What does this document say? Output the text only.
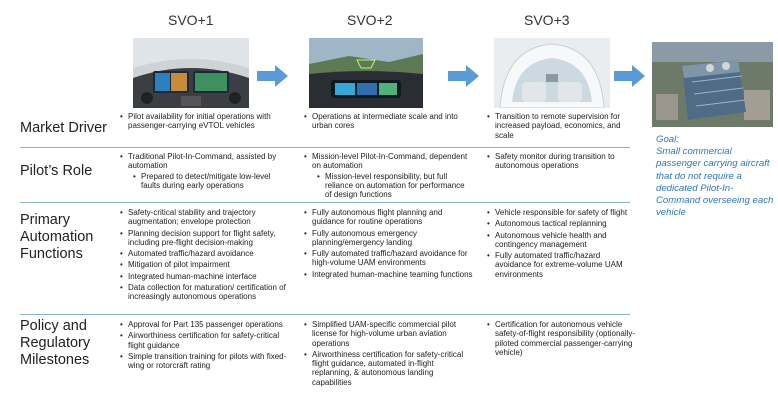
SVO+1	SVO+2	SVO+3
Market Driver
Pilot’s Role
Primary Automation Functions
Policy and Regulatory Milestones
• Pilot availability for initial operations with passenger-carrying eVTOL vehicles
• Operations at intermediate scale and into urban cores
• Transition to remote supervision for increased payload, economics, and scale
• Traditional Pilot-In-Command, assisted by automation
• Prepared to detect/mitigate low-level faults during early operations
• Mission-level Pilot-In-Command, dependent on automation
• Mission-level responsibility, but full reliance on automation for performance of design functions
• Safety monitor during transition to autonomous operations
• Safety-critical stability and trajectory augmentation; envelope protection
• Planning decision support for flight safety, including pre-flight decision-making
• Automated traffic/hazard avoidance
• Mitigation of pilot impairment
• Integrated human-machine interface
• Data collection for maturation/ certification of increasingly autonomous operations
• Fully autonomous flight planning and guidance for routine operations
• Fully autonomous emergency planning/emergency landing
• Fully automated traffic/hazard avoidance for high-volume UAM environments
• Integrated human-machine teaming functions
• Vehicle responsible for safety of flight
• Autonomous tactical replanning
• Autonomous vehicle health and contingency management
• Fully automated traffic/hazard avoidance for extreme-volume UAM environments
• Approval for Part 135 passenger operations
• Airworthiness certification for safety-critical flight guidance
• Simple transition training for pilots with fixed-wing or rotorcraft rating
• Simplified UAM-specific commercial pilot license for high-volume urban aviation operations
• Airworthiness certification for safety-critical flight guidance, automated in-flight replanning, & autonomous landing capabilities
• Certification for autonomous vehicle safety-of-flight responsibility (optionally-piloted commercial passenger-carrying vehicle)
Goal:
Small commercial passenger carrying aircraft that do not require a dedicated Pilot-In-Command overseeing each vehicle
